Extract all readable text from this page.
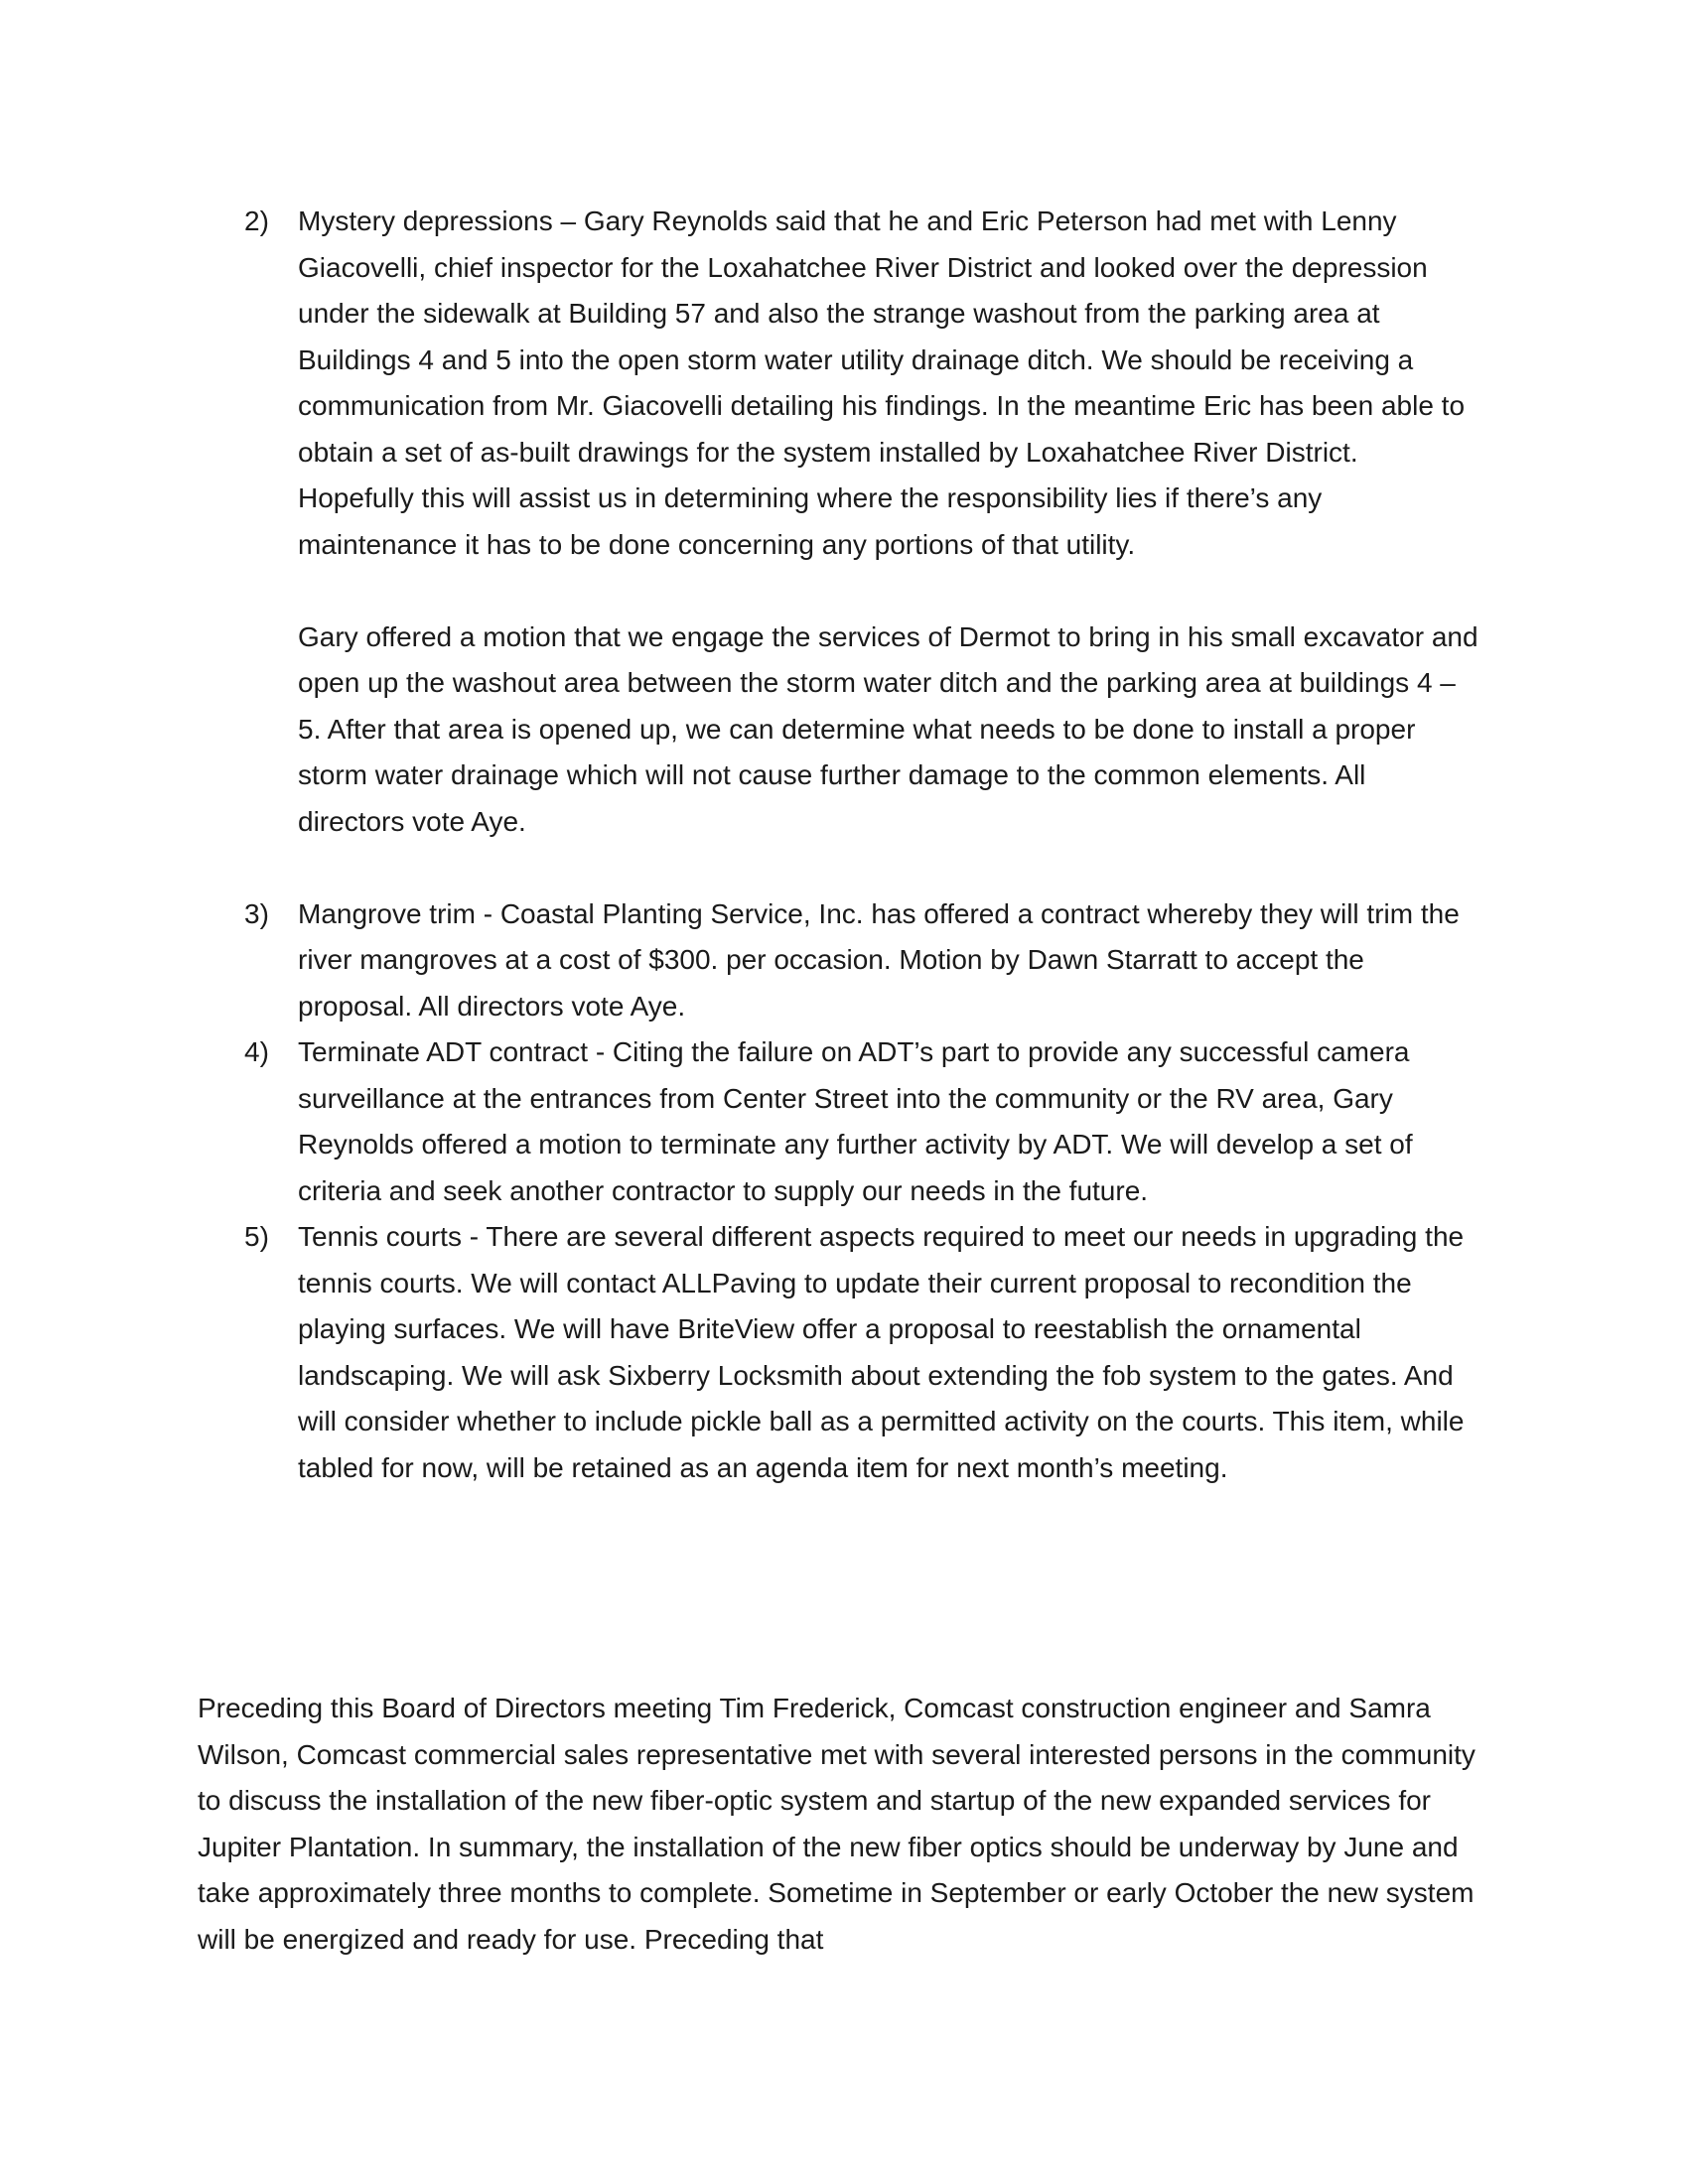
2) Mystery depressions – Gary Reynolds said that he and Eric Peterson had met with Lenny Giacovelli, chief inspector for the Loxahatchee River District and looked over the depression under the sidewalk at Building 57 and also the strange washout from the parking area at Buildings 4 and 5 into the open storm water utility drainage ditch. We should be receiving a communication from Mr. Giacovelli detailing his findings. In the meantime Eric has been able to obtain a set of as-built drawings for the system installed by Loxahatchee River District. Hopefully this will assist us in determining where the responsibility lies if there’s any maintenance it has to be done concerning any portions of that utility.

Gary offered a motion that we engage the services of Dermot to bring in his small excavator and open up the washout area between the storm water ditch and the parking area at buildings 4 – 5. After that area is opened up, we can determine what needs to be done to install a proper storm water drainage which will not cause further damage to the common elements. All directors vote Aye.

3) Mangrove trim - Coastal Planting Service, Inc. has offered a contract whereby they will trim the river mangroves at a cost of $300. per occasion. Motion by Dawn Starratt to accept the proposal. All directors vote Aye.

4) Terminate ADT contract - Citing the failure on ADT’s part to provide any successful camera surveillance at the entrances from Center Street into the community or the RV area, Gary Reynolds offered a motion to terminate any further activity by ADT. We will develop a set of criteria and seek another contractor to supply our needs in the future.

5) Tennis courts - There are several different aspects required to meet our needs in upgrading the tennis courts. We will contact ALLPaving to update their current proposal to recondition the playing surfaces. We will have BriteView offer a proposal to reestablish the ornamental landscaping. We will ask Sixberry Locksmith about extending the fob system to the gates. And will consider whether to include pickle ball as a permitted activity on the courts. This item, while tabled for now, will be retained as an agenda item for next month’s meeting.

Preceding this Board of Directors meeting Tim Frederick, Comcast construction engineer and Samra Wilson, Comcast commercial sales representative met with several interested persons in the community to discuss the installation of the new fiber-optic system and startup of the new expanded services for Jupiter Plantation. In summary, the installation of the new fiber optics should be underway by June and take approximately three months to complete. Sometime in September or early October the new system will be energized and ready for use. Preceding that
